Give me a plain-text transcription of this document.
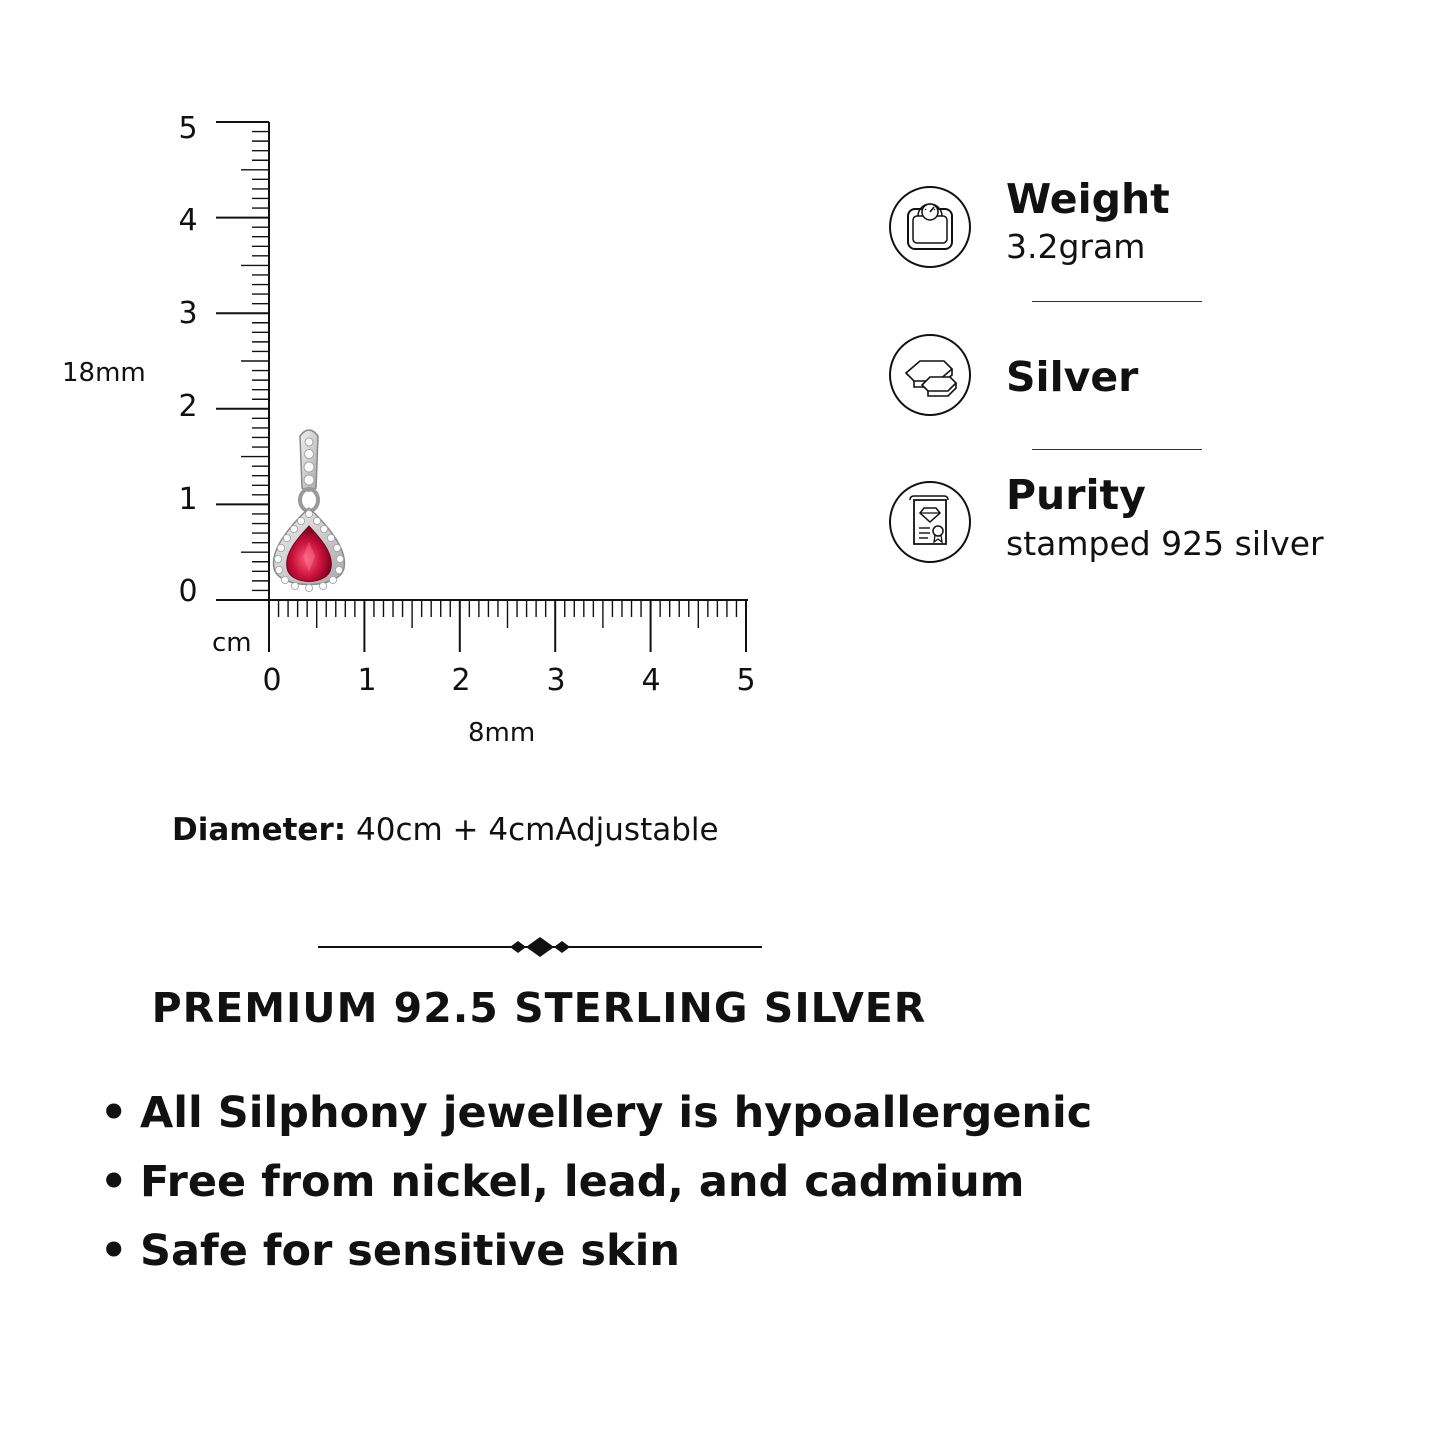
0
1
2
3
4
5
0	1 2	3	4	5
cm
18mm
8mm
Diameter: 40cm + 4cmAdjustable
Weight
3.2gram
Silver
Purity
stamped 925 silver
PREMIUM 92.5 STERLING SILVER
• All Silphony jewellery is hypoallergenic
• Free from nickel, lead, and cadmium
• Safe for sensitive skin
